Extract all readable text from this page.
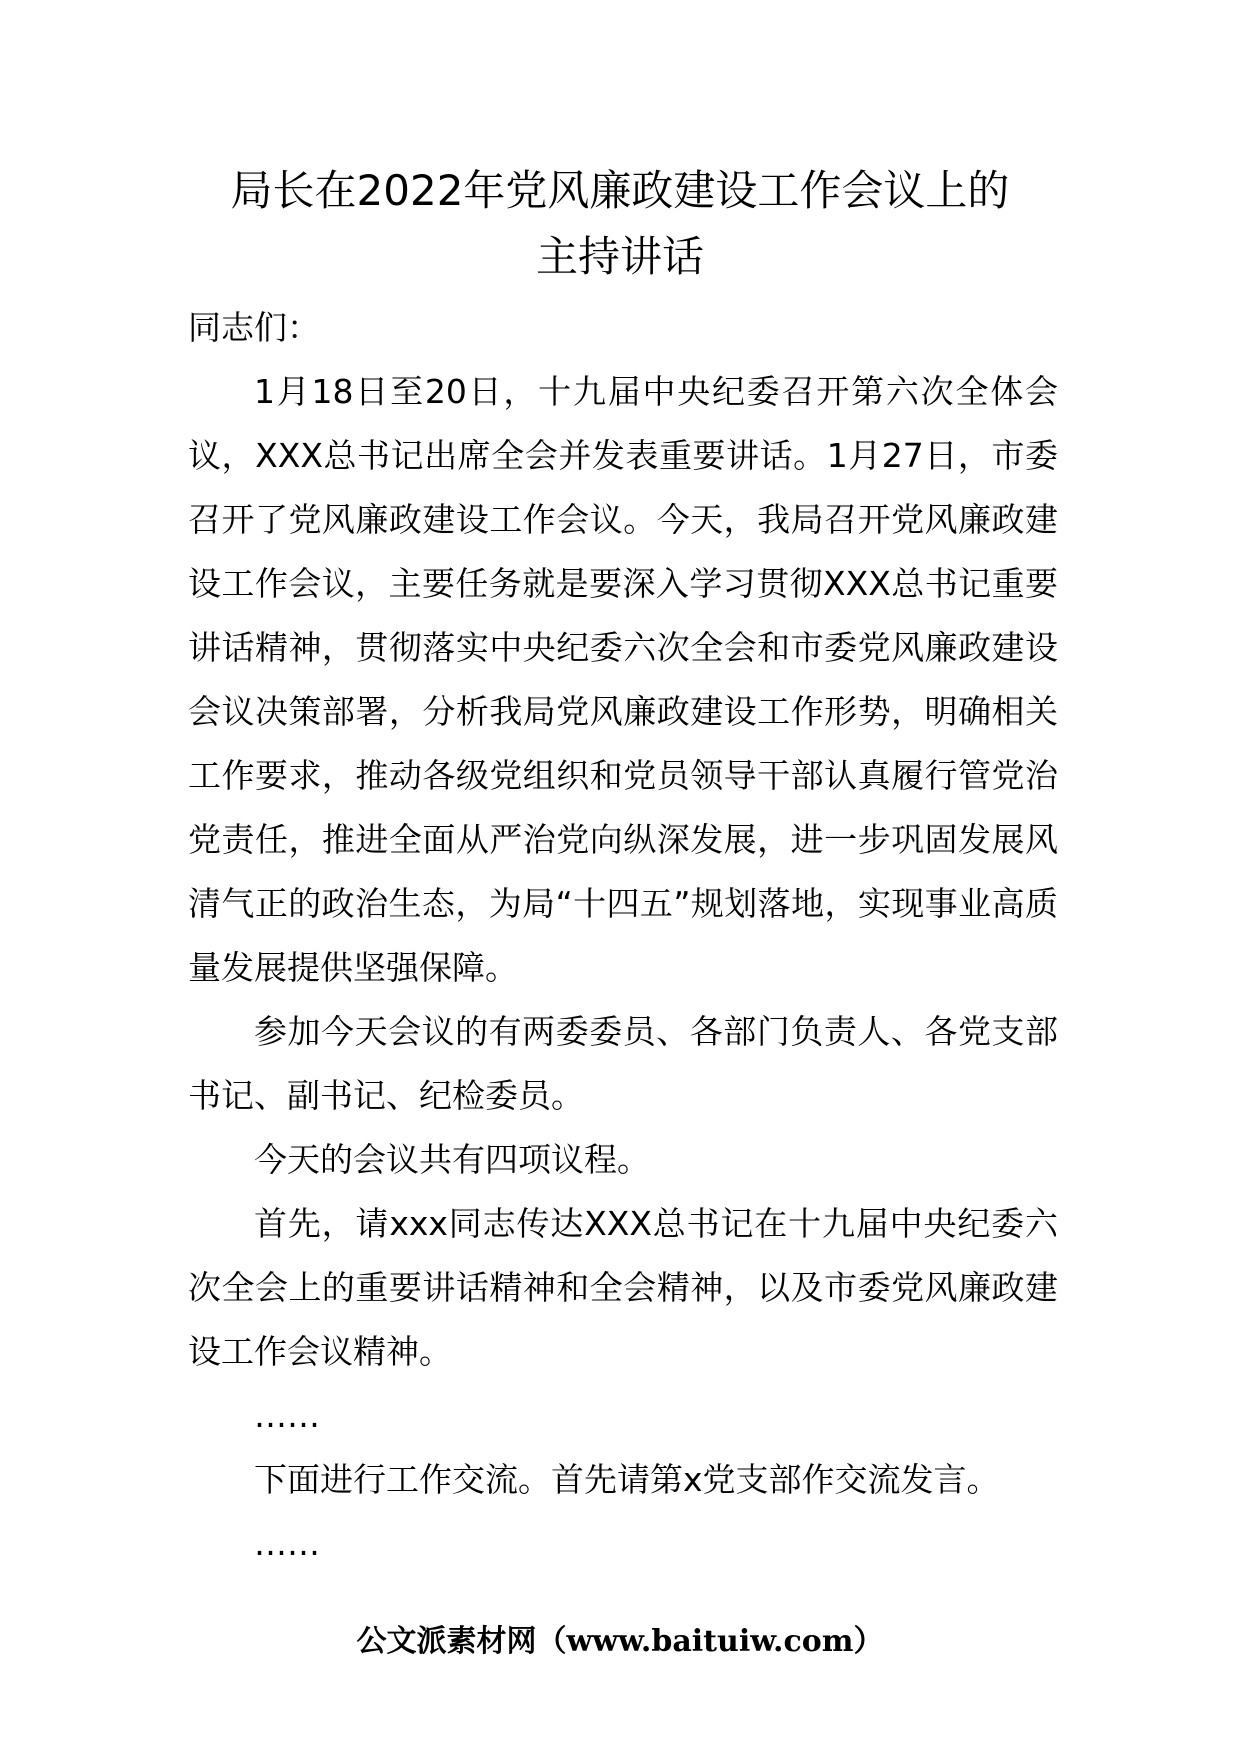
局长在2022年党风廉政建设工作会议上的
主持讲话

同志们：

1月18日至20日，十九届中央纪委召开第六次全体会议，XXX总书记出席全会并发表重要讲话。1月27日，市委召开了党风廉政建设工作会议。今天，我局召开党风廉政建设工作会议，主要任务就是要深入学习贯彻XXX总书记重要讲话精神，贯彻落实中央纪委六次全会和市委党风廉政建设会议决策部署，分析我局党风廉政建设工作形势，明确相关工作要求，推动各级党组织和党员领导干部认真履行管党治党责任，推进全面从严治党向纵深发展，进一步巩固发展风清气正的政治生态，为局“十四五”规划落地，实现事业高质量发展提供坚强保障。

参加今天会议的有两委委员、各部门负责人、各党支部书记、副书记、纪检委员。

今天的会议共有四项议程。

首先，请xxx同志传达XXX总书记在十九届中央纪委六次全会上的重要讲话精神和全会精神，以及市委党风廉政建设工作会议精神。

……

下面进行工作交流。首先请第x党支部作交流发言。

……

公文派素材网（www.baituiw.com）
